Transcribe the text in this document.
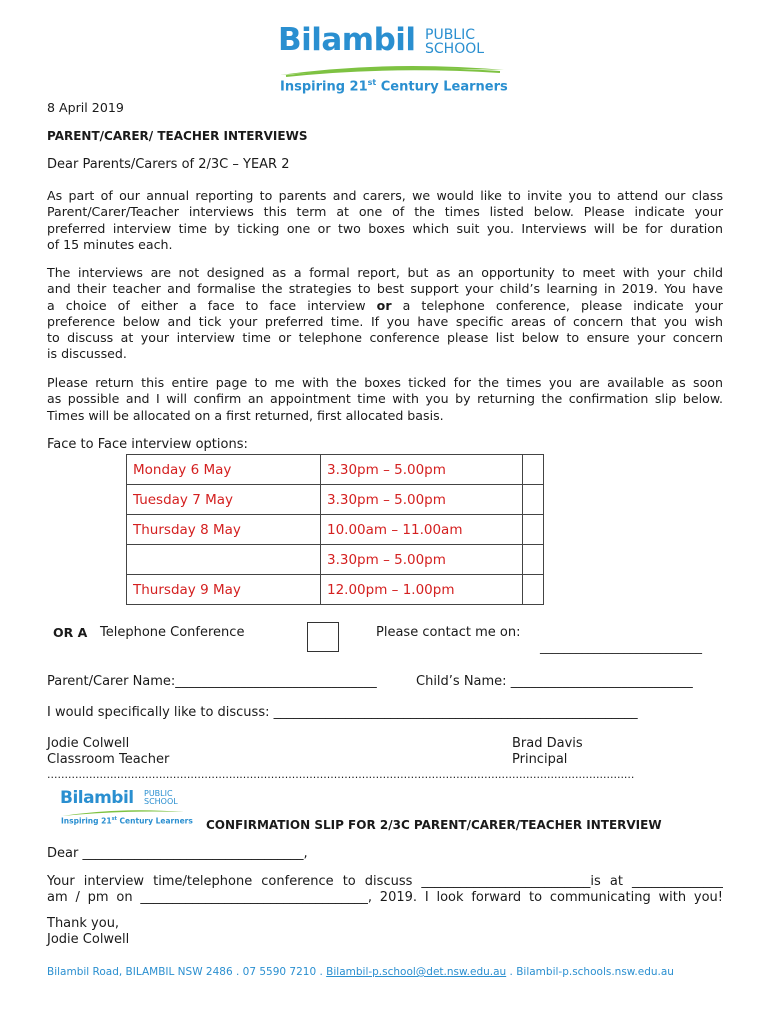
Bilambil PUBLIC
SCHOOL
Inspiring 21st Century Learners
8 April 2019
PARENT/CARER/ TEACHER INTERVIEWS
Dear Parents/Carers of 2/3C – YEAR 2
As part of our annual reporting to parents and carers, we would like to invite you to attend our class
Parent/Carer/Teacher interviews this term at one of the times listed below. Please indicate your
preferred interview time by ticking one or two boxes which suit you. Interviews will be for duration
of 15 minutes each.
The interviews are not designed as a formal report, but as an opportunity to meet with your child
and their teacher and formalise the strategies to best support your child’s learning in 2019. You have
a choice of either a face to face interview or a telephone conference, please indicate your
preference below and tick your preferred time. If you have specific areas of concern that you wish
to discuss at your interview time or telephone conference please list below to ensure your concern
is discussed.
Please return this entire page to me with the boxes ticked for the times you are available as soon
as possible and I will confirm an appointment time with you by returning the confirmation slip below.
Times will be allocated on a first returned, first allocated basis.
Face to Face interview options:
Monday 6 May	3.30pm – 5.00pm	
Tuesday 7 May	3.30pm – 5.00pm	
Thursday 8 May	10.00am – 11.00am	
	3.30pm – 5.00pm	
Thursday 9 May	12.00pm – 1.00pm	
OR A Telephone Conference	Please contact me on:
___________________________
Parent/Carer Name:_______________________________	Child’s Name: ____________________________
I would specifically like to discuss: ________________________________________________________
Jodie Colwell
Classroom Teacher
Brad Davis
Principal
........................................................................................................................................................................
Bilambil PUBLIC
SCHOOL
Inspiring 21st Century Learners CONFIRMATION SLIP FOR 2/3C PARENT/CARER/TEACHER INTERVIEW
Dear __________________________________,
Your interview time/telephone conference to discuss __________________________is at ______________
am / pm on ___________________________________, 2019. I look forward to communicating with you!
Thank you,
Jodie Colwell
Bilambil Road, BILAMBIL NSW 2486 . 07 5590 7210 . Bilambil-p.school@det.nsw.edu.au . Bilambil-p.schools.nsw.edu.au
